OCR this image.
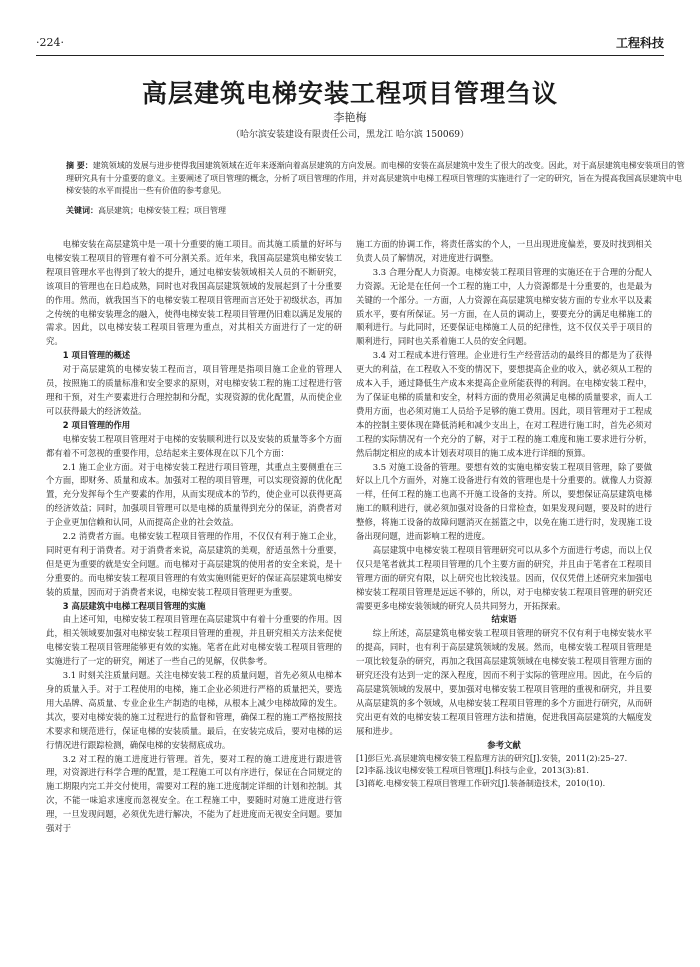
·224·	工程科技
高层建筑电梯安装工程项目管理刍议
李艳梅
（哈尔滨安装建设有限责任公司，黑龙江 哈尔滨 150069）
摘 要：建筑领域的发展与进步使得我国建筑领域在近年来逐渐向着高层建筑的方向发展。而电梯的安装在高层建筑中发生了很大的改变。因此，对于高层建筑电梯安装项目的管理研究具有十分重要的意义。主要阐述了项目管理的概念，分析了项目管理的作用，并对高层建筑中电梯工程项目管理的实施进行了一定的研究，旨在为提高我国高层建筑中电梯安装的水平而提出一些有价值的参考意见。
关键词：高层建筑；电梯安装工程；项目管理
电梯安装在高层建筑中是一项十分重要的施工项目。而其施工质量的好坏与电梯安装工程项目的管理有着不可分割关系。近年来，我国高层建筑电梯安装工程项目管理水平也得到了较大的提升，通过电梯安装领域相关人员的不断研究，该项目的管理也在日趋成熟，同时也对我国高层建筑领域的发展起到了十分重要的作用。然而，就我国当下的电梯安装工程项目管理而言还处于初级状态，再加之传统的电梯安装理念的融入，使得电梯安装工程项目管理仍旧难以满足发展的需求。因此，以电梯安装工程项目管理为重点，对其相关方面进行了一定的研究。
1 项目管理的概述
对于高层建筑的电梯安装工程而言，项目管理是指项目施工企业的管理人员，按照施工的质量标准和安全要求的原则，对电梯安装工程的施工过程进行管理和干预，对生产要素进行合理控制和分配，实现资源的优化配置，从而使企业可以获得最大的经济效益。
2 项目管理的作用
电梯安装工程项目管理对于电梯的安装顺利进行以及安装的质量等多个方面都有着不可忽视的重要作用，总结起来主要体现在以下几个方面：
2.1 施工企业方面。对于电梯安装工程进行项目管理，其重点主要侧重在三个方面，即财务、质量和成本。加强对工程的项目管理，可以实现资源的优化配置，充分发挥每个生产要素的作用，从而实现成本的节约，使企业可以获得更高的经济效益；同时，加强项目管理可以是电梯的质量得到充分的保证，消费者对于企业更加信赖和认同，从而提高企业的社会效益。
2.2 消费者方面。电梯安装工程项目管理的作用，不仅仅有利于施工企业，同时更有利于消费者。对于消费者来说，高层建筑的美观，舒适虽然十分重要，但是更为重要的就是安全问题。而电梯对于高层建筑的使用者的安全来说，是十分重要的。而电梯安装工程项目管理的有效实施则能更好的保证高层建筑电梯安装的质量，因而对于消费者来说，电梯安装工程项目管理更为重要。
3 高层建筑中电梯工程项目管理的实施
由上述可知，电梯安装工程项目管理在高层建筑中有着十分重要的作用。因此，相关领域要加强对电梯安装工程项目管理的重视，并且研究相关方法来促使电梯安装工程项目管理能够更有效的实施。笔者在此对电梯安装工程项目管理的实施进行了一定的研究，阐述了一些自己的见解，仅供参考。
3.1 时刻关注质量问题。关注电梯安装工程的质量问题，首先必须从电梯本身的质量入手。对于工程使用的电梯，施工企业必须进行严格的质量把关，要选用大品牌、高质量、专业企业生产制造的电梯，从根本上减少电梯故障的发生。其次，要对电梯安装的施工过程进行的监督和管理，确保工程的施工严格按照技术要求和规范进行，保证电梯的安装质量。最后，在安装完成后，要对电梯的运行情况进行跟踪检测，确保电梯的安装彻底成功。
3.2 对工程的施工进度进行管理。首先，要对工程的施工进度进行跟进管理，对资源进行科学合理的配置，是工程施工可以有序进行，保证在合同规定的施工期限内完工并交付使用，需要对工程的施工进度制定详细的计划和控制。其次，不能一味追求速度而忽视安全。在工程施工中，要随时对施工进度进行管理，一旦发现问题，必须优先进行解决，不能为了赶进度而无视安全问题。要加强对于
施工方面的协调工作，将责任落实的个人，一旦出现进度偏差，要及时找到相关负责人员了解情况，对进度进行调整。
3.3 合理分配人力资源。电梯安装工程项目管理的实施还在于合理的分配人力资源。无论是在任何一个工程的施工中，人力资源都是十分重要的，也是最为关键的一个部分。一方面，人力资源在高层建筑电梯安装方面的专业水平以及素质水平，要有所保证。另一方面，在人员的调动上，要要充分的满足电梯施工的顺利进行。与此同时，还要保证电梯施工人员的纪律性，这不仅仅关乎于项目的顺利进行，同时也关系着施工人员的安全问题。
3.4 对工程成本进行管理。企业进行生产经营活动的最终目的都是为了获得更大的利益，在工程收入不变的情况下，要想提高企业的收入，就必须从工程的成本入手，通过降低生产成本来提高企业所能获得的利润。在电梯安装工程中，为了保证电梯的质量和安全，材料方面的费用必须满足电梯的质量要求，而人工费用方面，也必须对施工人员给予足够的施工费用。因此，项目管理对于工程成本的控制主要体现在降低消耗和减少支出上，在对工程进行施工时，首先必须对工程的实际情况有一个充分的了解，对于工程的施工难度和施工要求进行分析，然后制定相应的成本计划表对项目的施工成本进行详细的预算。
3.5 对施工设备的管理。要想有效的实施电梯安装工程项目管理，除了要做好以上几个方面外，对施工设备进行有效的管理也是十分重要的。就像人力资源一样，任何工程的施工也离不开施工设备的支持。所以，要想保证高层建筑电梯施工的顺利进行，就必须加强对设备的日常检查，如果发现问题，要及时的进行整修，将施工设备的故障问题消灭在摇篮之中，以免在施工进行时，发现施工设备出现问题，进而影响工程的进度。
高层建筑中电梯安装工程项目管理研究可以从多个方面进行考虑，而以上仅仅只是笔者就其工程项目管理的几个主要方面的研究，并且由于笔者在工程项目管理方面的研究有限，以上研究也比较浅显。因而，仅仅凭借上述研究来加强电梯安装工程项目管理是远远不够的，所以，对于电梯安装工程项目管理的研究还需要更多电梯安装领域的研究人员共同努力，开拓探索。
结束语
综上所述，高层建筑电梯安装工程项目管理的研究不仅有利于电梯安装水平的提高，同时，也有利于高层建筑领域的发展。然而，电梯安装工程项目管理是一项比较复杂的研究，再加之我国高层建筑领域在电梯安装工程项目管理方面的研究还没有达到一定的深入程度，因而不利于实际的管理应用。因此，在今后的高层建筑领域的发展中，要加强对电梯安装工程项目管理的重视和研究，并且要从高层建筑的多个领域，从电梯安装工程项目管理的多个方面进行研究，从而研究出更有效的电梯安装工程项目管理方法和措施，促进我国高层建筑的大幅度发展和进步。
参考文献
[1]彭巨光.高层建筑电梯安装工程监理方法的研究[J].安装，2011(2):25–27.
[2]李磊.浅议电梯安装工程项目管理[J].科技与企业，2013(3):81.
[3]蒋屹.电梯安装工程项目管理工作研究[J].装备制造技术，2010(10).
